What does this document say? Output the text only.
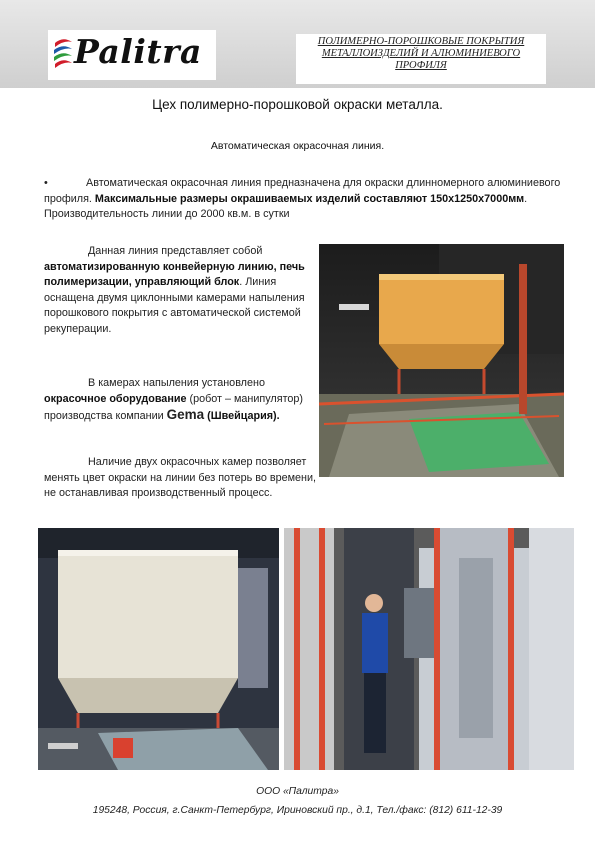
Palitra	ПОЛИМЕРНО-ПОРОШКОВЫЕ ПОКРЫТИЯ
МЕТАЛЛОИЗДЕЛИЙ И АЛЮМИНИЕВОГО
ПРОФИЛЯ
Цех полимерно-порошковой окраски металла.
Автоматическая окрасочная линия.
•	Автоматическая окрасочная линия предназначена для окраски длинномерного алюминиевого профиля. Максимальные размеры окрашиваемых изделий составляют 150x1250x7000мм. Производительность линии до 2000 кв.м. в сутки
Данная линия представляет собой автоматизированную конвейерную линию, печь полимеризации, управляющий блок. Линия оснащена двумя циклонными камерами напыления порошкового покрытия с автоматической системой рекуперации.
В камерах напыления установлено окрасочное оборудование (робот – манипулятор) производства компании Gema (Швейцария).
Наличие двух окрасочных камер позволяет менять цвет окраски на линии без потерь во времени, не останавливая производственный процесс.
ООО «Палитра»
195248, Россия, г.Санкт-Петербург, Ириновский пр., д.1, Тел./факс: (812) 611-12-39
